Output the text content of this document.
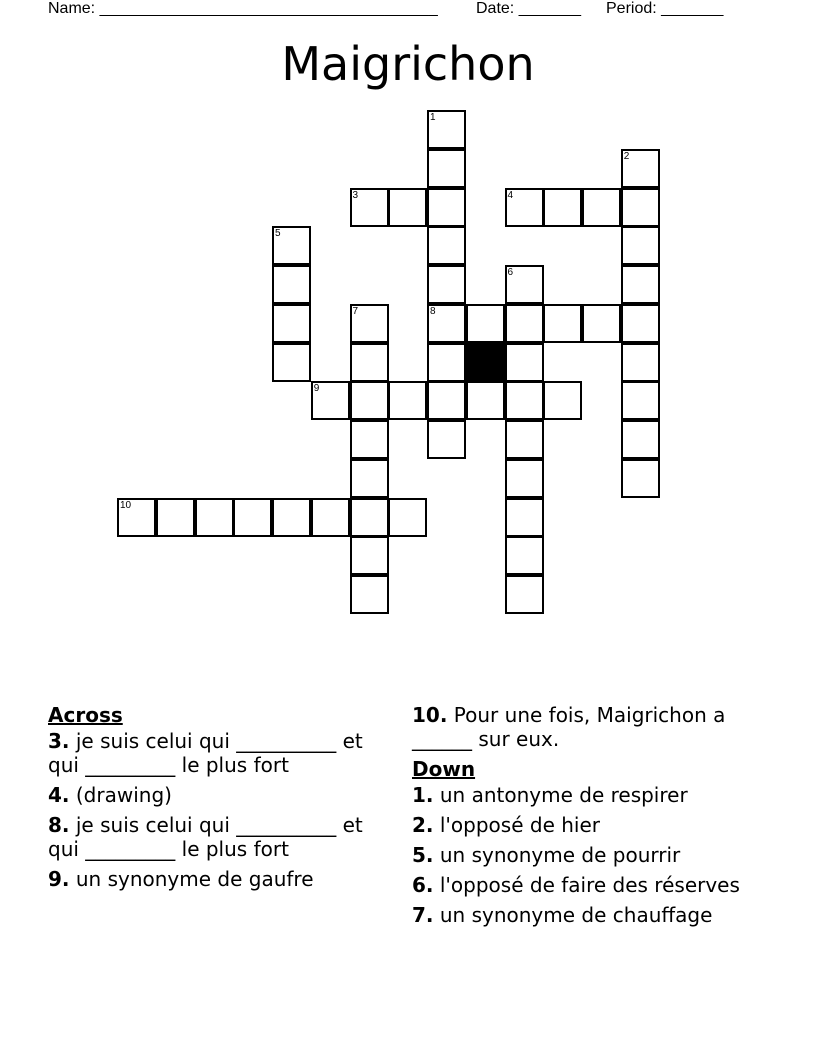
Name: ______________________________________ Date: _______ Period: _______
Maigrichon
1
2
3	4
5
6
7	8
9
10

Across

3. je suis celui qui __________ et qui _________ le plus fort

4. (drawing)

8. je suis celui qui __________ et qui _________ le plus fort

9. un synonyme de gaufre

10. Pour une fois, Maigrichon a ______ sur eux.

Down

1. un antonyme de respirer

2. l'opposé de hier

5. un synonyme de pourrir

6. l'opposé de faire des réserves

7. un synonyme de chauffage
